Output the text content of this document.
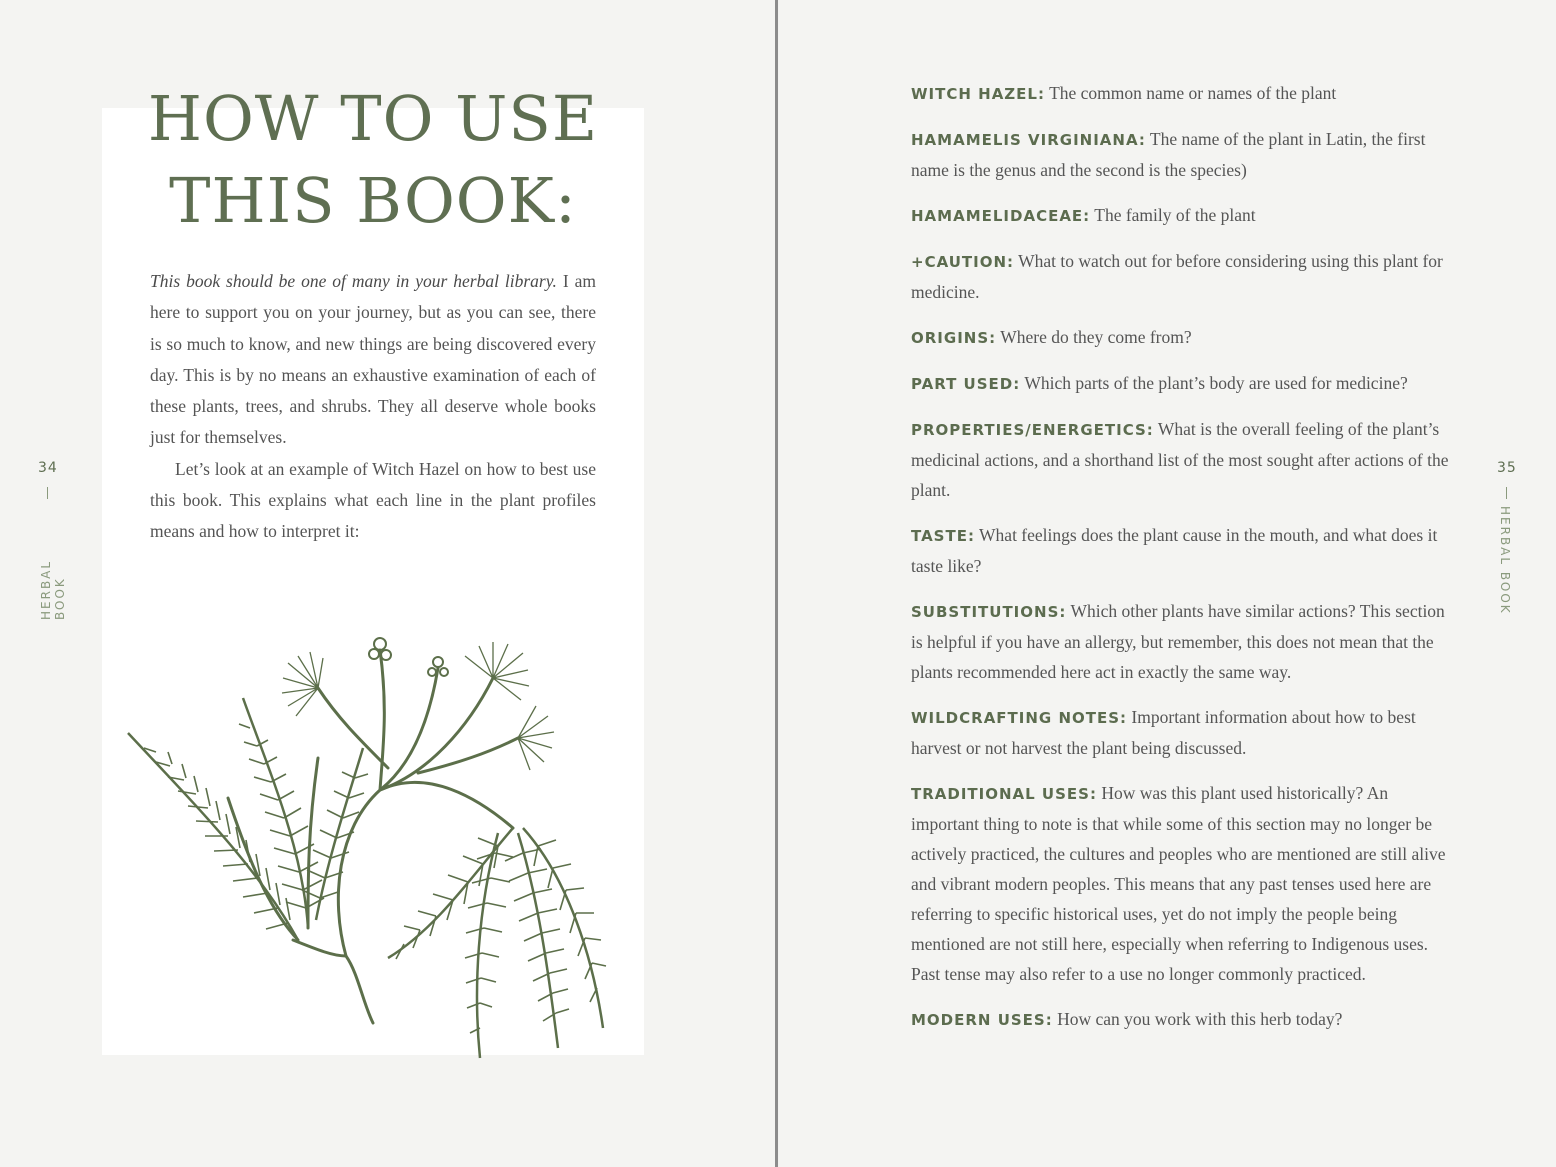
HOW TO USE
THIS BOOK:

This book should be one of many in your herbal library. I am here to support you on your journey, but as you can see, there is so much to know, and new things are being discovered every day. This is by no means an exhaustive examination of each of these plants, trees, and shrubs. They all deserve whole books just for themselves.

Let’s look at an example of Witch Hazel on how to best use this book. This explains what each line in the plant profiles means and how to interpret it:

34
HERBAL BOOK
35
HERBAL BOOK

WITCH HAZEL: The common name or names of the plant

HAMAMELIS VIRGINIANA: The name of the plant in Latin, the first name is the genus and the second is the species)

HAMAMELIDACEAE: The family of the plant

+CAUTION: What to watch out for before considering using this plant for medicine.

ORIGINS: Where do they come from?

PART USED: Which parts of the plant’s body are used for medicine?

PROPERTIES/ENERGETICS: What is the overall feeling of the plant’s medicinal actions, and a shorthand list of the most sought after actions of the plant.

TASTE: What feelings does the plant cause in the mouth, and what does it taste like?

SUBSTITUTIONS: Which other plants have similar actions? This section is helpful if you have an allergy, but remember, this does not mean that the plants recommended here act in exactly the same way.

WILDCRAFTING NOTES: Important information about how to best harvest or not harvest the plant being discussed.

TRADITIONAL USES: How was this plant used historically? An important thing to note is that while some of this section may no longer be actively practiced, the cultures and peoples who are mentioned are still alive and vibrant modern peoples. This means that any past tenses used here are referring to specific historical uses, yet do not imply the people being mentioned are not still here, especially when referring to Indigenous uses. Past tense may also refer to a use no longer commonly practiced.

MODERN USES: How can you work with this herb today?
